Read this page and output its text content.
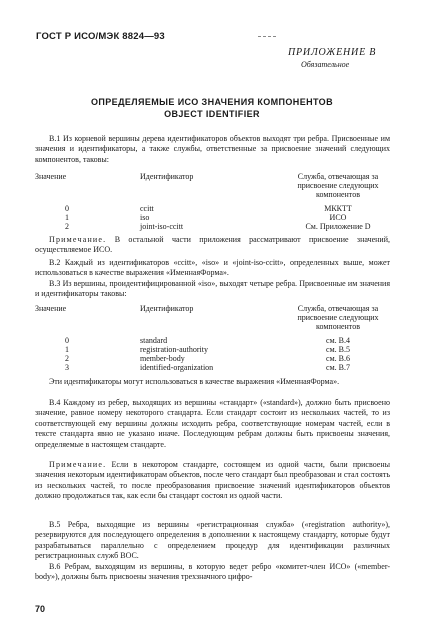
ГОСТ Р ИСО/МЭК 8824—93
ПРИЛОЖЕНИЕ В
Обязательное
ОПРЕДЕЛЯЕМЫЕ ИСО ЗНАЧЕНИЯ КОМПОНЕНТОВ
OBJECT IDENTIFIER

В.1 Из корневой вершины дерева идентификаторов объектов выходят три ребра. Присвоенные им значения и идентификаторы, а также службы, ответственные за присвоение значений следующих компонентов, таковы:

Значение	Идентификатор	Служба, отвечающая за присвоение следующих компонентов
0	ccitt	МККТТ
1	iso	ИСО
2	joint-iso-ccitt	См. Приложение D

Примечание. В остальной части приложения рассматривают присвоение значений, осуществляемое ИСО.

В.2 Каждый из идентификаторов «ccitt», «iso» и «joint-iso-ccitt», определенных выше, может использоваться в качестве выражения «ИменнаяФорма».

В.3 Из вершины, проидентифицированной «iso», выходят четыре ребра. Присвоенные им значения и идентификаторы таковы:

Значение	Идентификатор	Служба, отвечающая за присвоение следующих компонентов
0	standard	см. В.4
1	registration-authority	см. В.5
2	member-body	см. В.6
3	identified-organization	см. В.7

Эти идентификаторы могут использоваться в качестве выражения «ИменнаяФорма».

В.4 Каждому из ребер, выходящих из вершины «стандарт» («standard»), должно быть присвоено значение, равное номеру некоторого стандарта. Если стандарт состоит из нескольких частей, то из соответствующей ему вершины должны исходить ребра, соответствующие номерам частей, если в тексте стандарта явно не указано иначе. Последующим ребрам должны быть присвоены значения, определяемые в настоящем стандарте.

Примечание. Если в некотором стандарте, состоящем из одной части, были присвоены значения некоторым идентификаторам объектов, после чего стандарт был преобразован и стал состоять из нескольких частей, то после преобразования присвоение значений идентификаторов объектов должно продолжаться так, как если бы стандарт состоял из одной части.

В.5 Ребра, выходящие из вершины «регистрационная служба» («registration authority»), резервируются для последующего определения в дополнении к настоящему стандарту, которые будут разрабатываться параллельно с определением процедур для идентификации различных регистрационных служб ВОС.

В.6 Ребрам, выходящим из вершины, в которую ведет ребро «комитет-член ИСО» («member-body»), должны быть присвоены значения трехзначного цифро-

70
